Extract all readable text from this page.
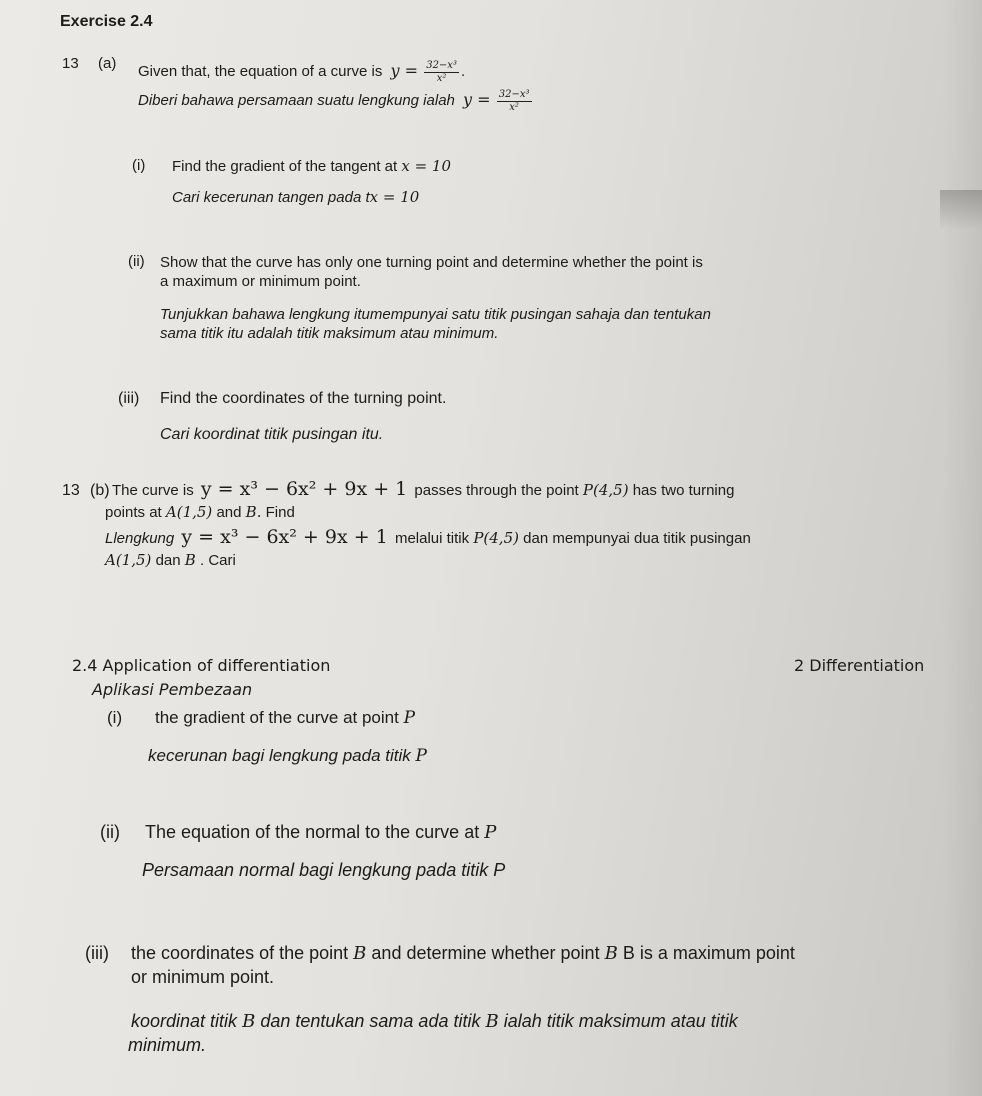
Exercise 2.4
13 (a) Given that, the equation of a curve is $y = \frac{\text{32−x³}}{\text{x²}}$ .
Diberi bahawa persamaan suatu lengkung ialah $y = \frac{\text{32−x³}}{\text{x²}}$
(i) Find the gradient of the tangent at x = 10
Cari kecerunan tangen pada tx = 10
(ii) Show that the curve has only one turning point and determine whether the point is
a maximum or minimum point.
Tunjukkan bahawa lengkung itumempunyai satu titik pusingan sahaja dan tentukan
sama titik itu adalah titik maksimum atau minimum.
(iii) Find the coordinates of the turning point.
Cari koordinat titik pusingan itu.
13 (b) The curve is y = x³ − 6x² + 9x + 1 passes through the point P(4,5) has two turning
points at A(1,5) and B. Find
Llengkung y = x³ − 6x² + 9x + 1 melalui titik P(4,5) dan mempunyai dua titik pusingan
A(1,5) dan B . Cari
2.4 Application of differentiation
Aplikasi Pembezaan
2 Differentiation
(i) the gradient of the curve at point P
kecerunan bagi lengkung pada titik P
(ii) The equation of the normal to the curve at P
Persamaan normal bagi lengkung pada titik P
(iii) the coordinates of the point B and determine whether point B B is a maximum point
or minimum point.
koordinat titik B dan tentukan sama ada titik B ialah titik maksimum atau titik
minimum.
